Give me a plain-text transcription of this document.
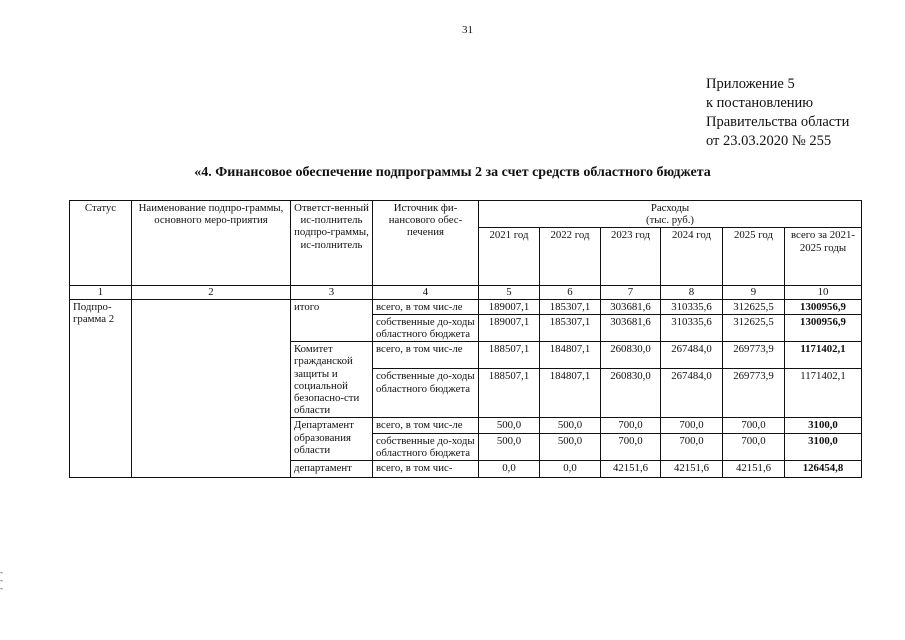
31
Приложение 5
к постановлению
Правительства области
от 23.03.2020 № 255
«4. Финансовое обеспечение подпрограммы 2 за счет средств областного бюджета
Статус	Наименование подпро-граммы, основного меро-приятия	Ответст-венный ис-полнитель подпро-граммы, ис-полнитель	Источник фи-нансового обес-печения	Расходы					
				(тыс. руб.)					
				2021 год	2022 год	2023 год	2024 год	2025 год	всего за 2021-2025 годы
1	2	3	4	5	6	7	8	9	10
Подпро-грамма 2		итого	всего, в том чис-ле	189007,1	185307,1	303681,6	310335,6	312625,5	1300956,9
			собственные до-ходы областного бюджета	189007,1	185307,1	303681,6	310335,6	312625,5	1300956,9
		Комитет гражданской защиты и социальной безопасно-сти области	всего, в том чис-ле	188507,1	184807,1	260830,0	267484,0	269773,9	1171402,1
			собственные до-ходы областного бюджета	188507,1	184807,1	260830,0	267484,0	269773,9	1171402,1
		Департамент образования области	всего, в том чис-ле	500,0	500,0	700,0	700,0	700,0	3100,0
			собственные до-ходы областного бюджета	500,0	500,0	700,0	700,0	700,0	3100,0
		департамент	всего, в том чис-	0,0	0,0	42151,6	42151,6	42151,6	126454,8
-
-
-
